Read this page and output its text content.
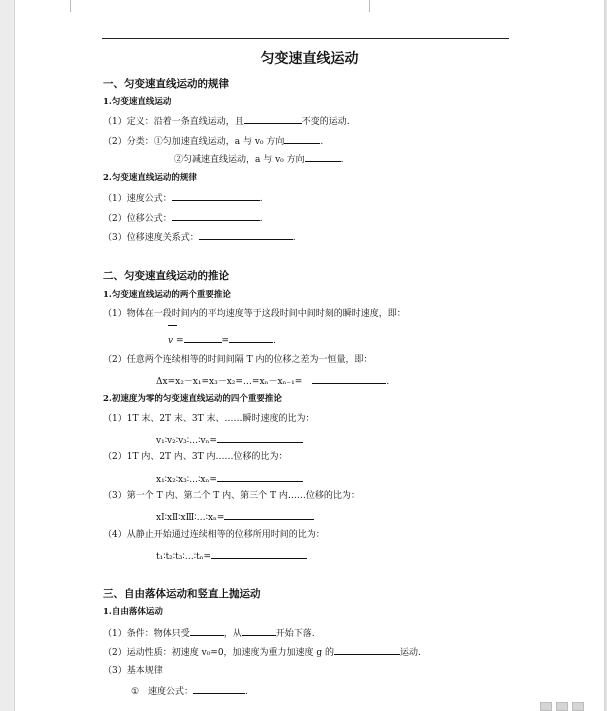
匀变速直线运动
一、匀变速直线运动的规律
1.匀变速直线运动
（1）定义：沿着一条直线运动，且	不变的运动.
（2）分类：①匀加速直线运动，a 与 v₀ 方向	.
②匀减速直线运动，a 与 v₀ 方向	.
2.匀变速直线运动的规律
（1）速度公式：	.
（2）位移公式：	.
（3）位移速度关系式：	.
二、匀变速直线运动的推论
1.匀变速直线运动的两个重要推论
（1）物体在一段时间内的平均速度等于这段时间中间时刻的瞬时速度，即：
v =	=	.
（2）任意两个连续相等的时间间隔 T 内的位移之差为一恒量，即：
Δx=x₂－x₁=x₃－x₂=…=xₙ－xₙ₋₁=	.
2.初速度为零的匀变速直线运动的四个重要推论
（1）1T 末、2T 末、3T 末、……瞬时速度的比为：
v₁∶v₂∶v₃∶…∶vₙ=
（2）1T 内、2T 内、3T 内……位移的比为：
x₁∶x₂∶x₃∶…∶xₙ=
（3）第一个 T 内、第二个 T 内、第三个 T 内……位移的比为：
xⅠ∶xⅡ∶xⅢ∶…∶xₙ=
（4）从静止开始通过连续相等的位移所用时间的比为：
t₁∶t₂∶t₃∶…∶tₙ=
三、自由落体运动和竖直上抛运动
1.自由落体运动
（1）条件：物体只受	，从	开始下落.
（2）运动性质：初速度 v₀=0，加速度为重力加速度 g 的	运动.
（3）基本规律
① 速度公式：	.
